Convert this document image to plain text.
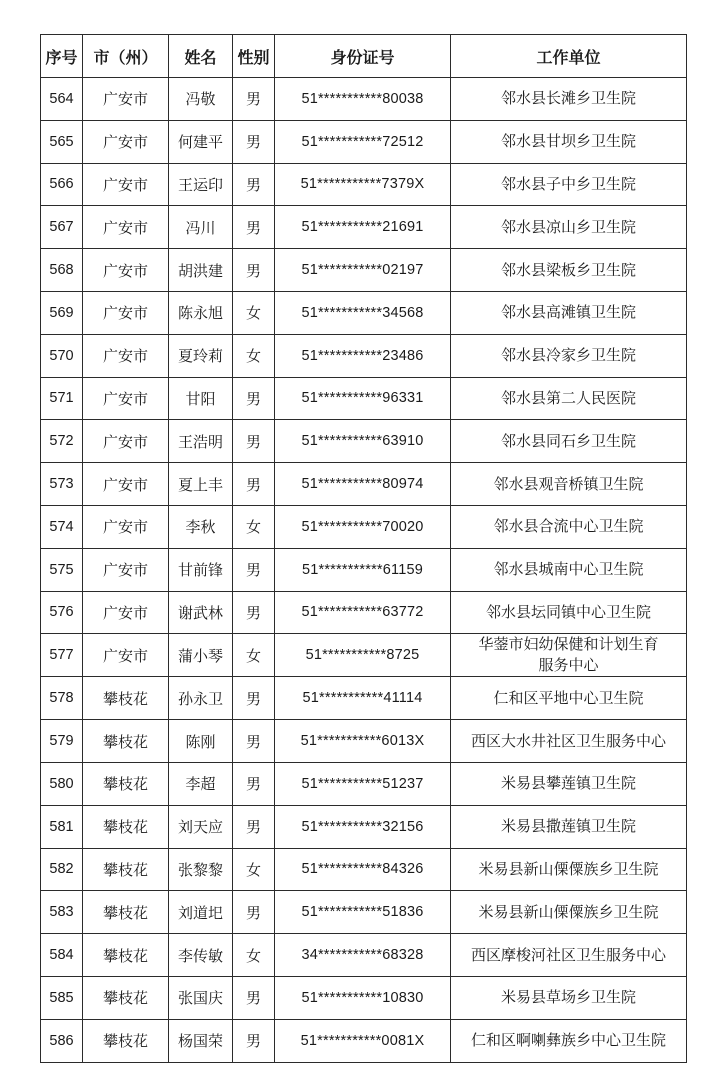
序号	市（州）	姓名	性别	身份证号	工作单位
564	广安市	冯敬	男	51***********80038	邻水县长滩乡卫生院
565	广安市	何建平	男	51***********72512	邻水县甘坝乡卫生院
566	广安市	王运印	男	51***********7379X	邻水县子中乡卫生院
567	广安市	冯川	男	51***********21691	邻水县凉山乡卫生院
568	广安市	胡洪建	男	51***********02197	邻水县梁板乡卫生院
569	广安市	陈永旭	女	51***********34568	邻水县高滩镇卫生院
570	广安市	夏玲莉	女	51***********23486	邻水县冷家乡卫生院
571	广安市	甘阳	男	51***********96331	邻水县第二人民医院
572	广安市	王浩明	男	51***********63910	邻水县同石乡卫生院
573	广安市	夏上丰	男	51***********80974	邻水县观音桥镇卫生院
574	广安市	李秋	女	51***********70020	邻水县合流中心卫生院
575	广安市	甘前锋	男	51***********61159	邻水县城南中心卫生院
576	广安市	谢武林	男	51***********63772	邻水县坛同镇中心卫生院
577	广安市	蒲小琴	女	51***********8725	华蓥市妇幼保健和计划生育
服务中心

578	攀枝花	孙永卫	男	51***********41114	仁和区平地中心卫生院
579	攀枝花	陈刚	男	51***********6013X	西区大水井社区卫生服务中心
580	攀枝花	李超	男	51***********51237	米易县攀莲镇卫生院
581	攀枝花	刘天应	男	51***********32156	米易县撒莲镇卫生院
582	攀枝花	张黎黎	女	51***********84326	米易县新山傈僳族乡卫生院
583	攀枝花	刘道圯	男	51***********51836	米易县新山傈僳族乡卫生院
584	攀枝花	李传敏	女	34***********68328	西区摩梭河社区卫生服务中心
585	攀枝花	张国庆	男	51***********10830	米易县草场乡卫生院
586	攀枝花	杨国荣	男	51***********0081X	仁和区啊喇彝族乡中心卫生院
